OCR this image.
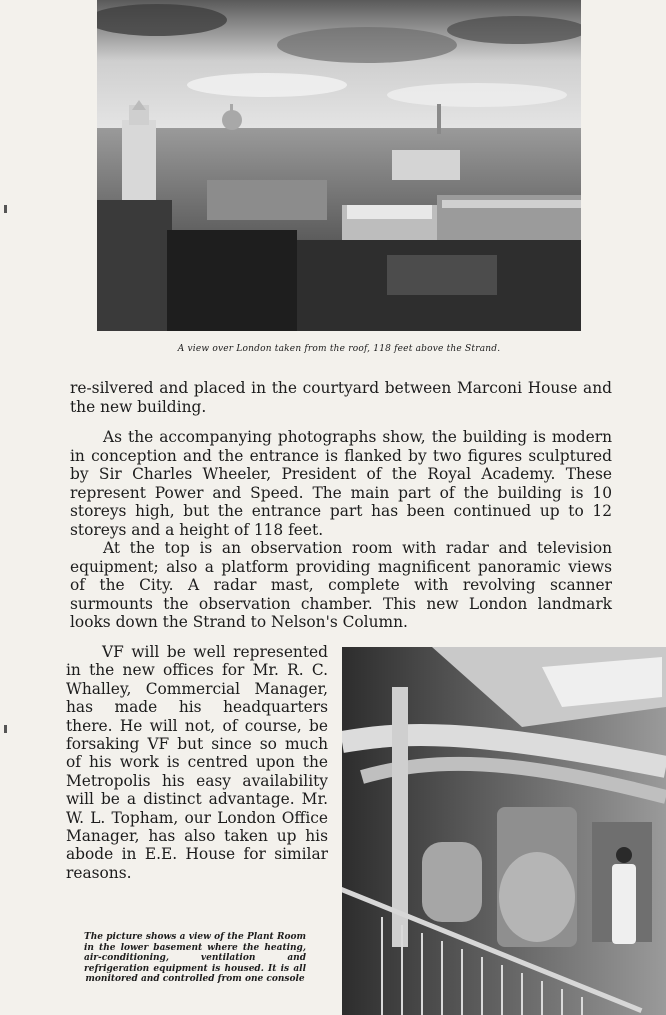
A view over London taken from the roof, 118 feet above the Strand.

re-silvered and placed in the courtyard between Marconi House and the new building.

As the accompanying photographs show, the building is modern in conception and the entrance is flanked by two figures sculptured by Sir Charles Wheeler, President of the Royal Academy. These represent Power and Speed. The main part of the building is 10 storeys high, but the entrance part has been continued up to 12 storeys and a height of 118 feet.

At the top is an observation room with radar and television equipment; also a platform providing magnificent panoramic views of the City. A radar mast, complete with revolving scanner surmounts the observation chamber. This new London landmark looks down the Strand to Nelson's Column.

VF will be well represented in the new offices for Mr. R. C. Whalley, Commercial Manager, has made his headquarters there. He will not, of course, be forsaking VF but since so much of his work is centred upon the Metropolis his easy availability will be a distinct advantage. Mr. W. L. Topham, our London Office Manager, has also taken up his abode in E.E. House for similar reasons.

The picture shows a view of the Plant Room in the lower basement where the heating, air-conditioning, ventilation and refrigeration equipment is housed. It is all monitored and controlled from one console
